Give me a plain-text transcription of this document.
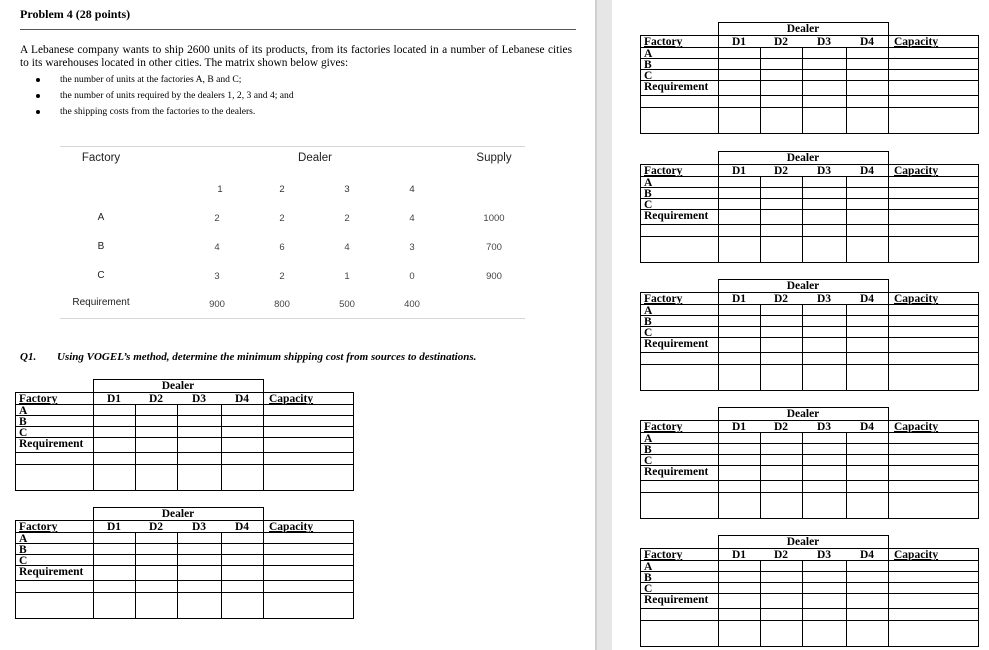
Problem 4 (28 points)
A Lebanese company wants to ship 2600 units of its products, from its factories located in a number of Lebanese cities to its warehouses located in other cities. The matrix shown below gives:
the number of units at the factories A, B and C;
the number of units required by the dealers 1, 2, 3 and 4; and
the shipping costs from the factories to the dealers.
Factory	Dealer	Supply
1	2	3	4
A	2	2	2	4	1000
B	4	6	4	3	700
C	3	2	1	0	900
Requirement	900	800	500	400
Q1. Using VOGEL’s method, determine the minimum shipping cost from sources to destinations.
Dealer
Factory	D1 D2	D3	D4 Capacity
A
B
C
Requirement
Dealer
Factory	D1 D2	D3	D4 Capacity
A
B
C
Requirement
Dealer
Factory	D1 D2	D3	D4 Capacity
A
B
C
Requirement
Dealer
Factory	D1 D2	D3	D4 Capacity
A
B
C
Requirement
Dealer
Factory	D1 D2	D3	D4 Capacity
A
B
C
Requirement
Dealer
Factory	D1 D2	D3	D4 Capacity
A
B
C
Requirement
Dealer
Factory	D1 D2	D3	D4 Capacity
A
B
C
Requirement
